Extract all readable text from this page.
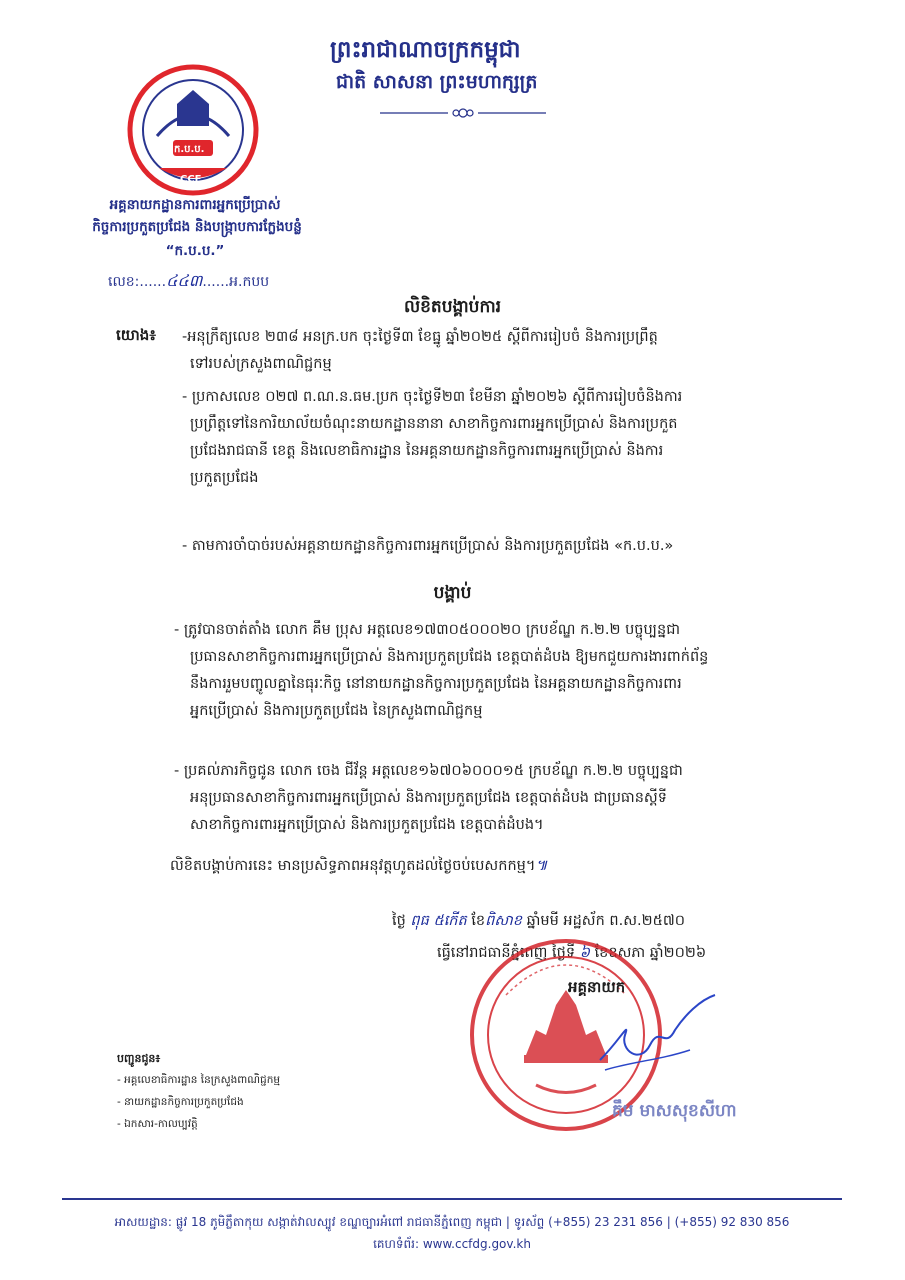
ព្រះរាជាណាចក្រកម្ពុជា
ជាតិ សាសនា ព្រះមហាក្សត្រ
ក.ប.ប.
CCF
អគ្គនាយកដ្ឋានការពារអ្នកប្រើប្រាស់
កិច្ចការប្រកួតប្រជែង និងបង្ក្រាបការក្លែងបន្លំ
“ក.ប.ប.”
លេខ:......៤៤៣......អ.កបប
លិខិតបង្គាប់ការ
យោង៖ -អនុក្រឹត្យលេខ ២៣៨ អនក្រ.បក ចុះថ្ងៃទី៣ ខែធ្នូ ឆ្នាំ២០២៥ ស្តីពីការរៀបចំ និងការប្រព្រឹត្ត
ទៅរបស់ក្រសួងពាណិជ្ជកម្ម
- ប្រកាសលេខ ០២៧ ព.ណ.ន.ធម.ប្រក ចុះថ្ងៃទី២៣ ខែមីនា ឆ្នាំ២០២៦ ស្តីពីការរៀបចំនិងការ
ប្រព្រឹត្តទៅនៃការិយាល័យចំណុះនាយកដ្ឋាននានា សាខាកិច្ចការពារអ្នកប្រើប្រាស់ និងការប្រកួត
ប្រជែងរាជធានី ខេត្ត និងលេខាធិការដ្ឋាន នៃអគ្គនាយកដ្ឋានកិច្ចការពារអ្នកប្រើប្រាស់ និងការ
ប្រកួតប្រជែង
- តាមការចាំបាច់របស់អគ្គនាយកដ្ឋានកិច្ចការពារអ្នកប្រើប្រាស់ និងការប្រកួតប្រជែង «ក.ប.ប.»
បង្គាប់
- ត្រូវបានចាត់តាំង លោក គឹម ប្រុស អត្តលេខ១៧៣០៥០០០២០ ក្របខ័ណ្ឌ ក.២.២ បច្ចុប្បន្នជា
ប្រធានសាខាកិច្ចការពារអ្នកប្រើប្រាស់ និងការប្រកួតប្រជែង ខេត្តបាត់ដំបង ឱ្យមកជួយការងារពាក់ព័ន្ធ
នឹងការរួមបញ្ចូលគ្នានៃធុរៈកិច្ច នៅនាយកដ្ឋានកិច្ចការប្រកួតប្រជែង នៃអគ្គនាយកដ្ឋានកិច្ចការពារ
អ្នកប្រើប្រាស់ និងការប្រកួតប្រជែង នៃក្រសួងពាណិជ្ជកម្ម
- ប្រគល់ភារកិច្ចជូន លោក ចេង ជីវ័ន្ត អត្តលេខ១៦៧០៦០០០១៥ ក្របខ័ណ្ឌ ក.២.២ បច្ចុប្បន្នជា
អនុប្រធានសាខាកិច្ចការពារអ្នកប្រើប្រាស់ និងការប្រកួតប្រជែង ខេត្តបាត់ដំបង ជាប្រធានស្តីទី
សាខាកិច្ចការពារអ្នកប្រើប្រាស់ និងការប្រកួតប្រជែង ខេត្តបាត់ដំបង។
លិខិតបង្គាប់ការនេះ មានប្រសិទ្ធភាពអនុវត្តហូតដល់ថ្ងៃចប់បេសកកម្ម។៕
ថ្ងៃ ពុធ ៥កើត ខែពិសាខ ឆ្នាំមមី អដ្ឋស័ក ព.ស.២៥៧០
ធ្វើនៅរាជធានីភ្នំពេញ ថ្ងៃទី ៦ ខែឧសភា ឆ្នាំ២០២៦
អគ្គនាយក
គឹម មាសសុខសីហា
បញ្ជូនជូន៖
- អគ្គលេខាធិការដ្ឋាន នៃក្រសួងពាណិជ្ជកម្ម
- នាយកដ្ឋានកិច្ចការប្រកួតប្រជែង
- ឯកសារ-កាលប្បវត្តិ
អាសយដ្ឋាន: ផ្លូវ 18 ភូមិភ្លឹតាកុយ សង្កាត់វាលស្បូវ ខណ្ឌច្បារអំពៅ រាជធានីភ្នំពេញ កម្ពុជា | ទូរស័ព្ទ (+855) 23 231 856 | (+855) 92 830 856
គេហទំព័រ: www.ccfdg.gov.kh
